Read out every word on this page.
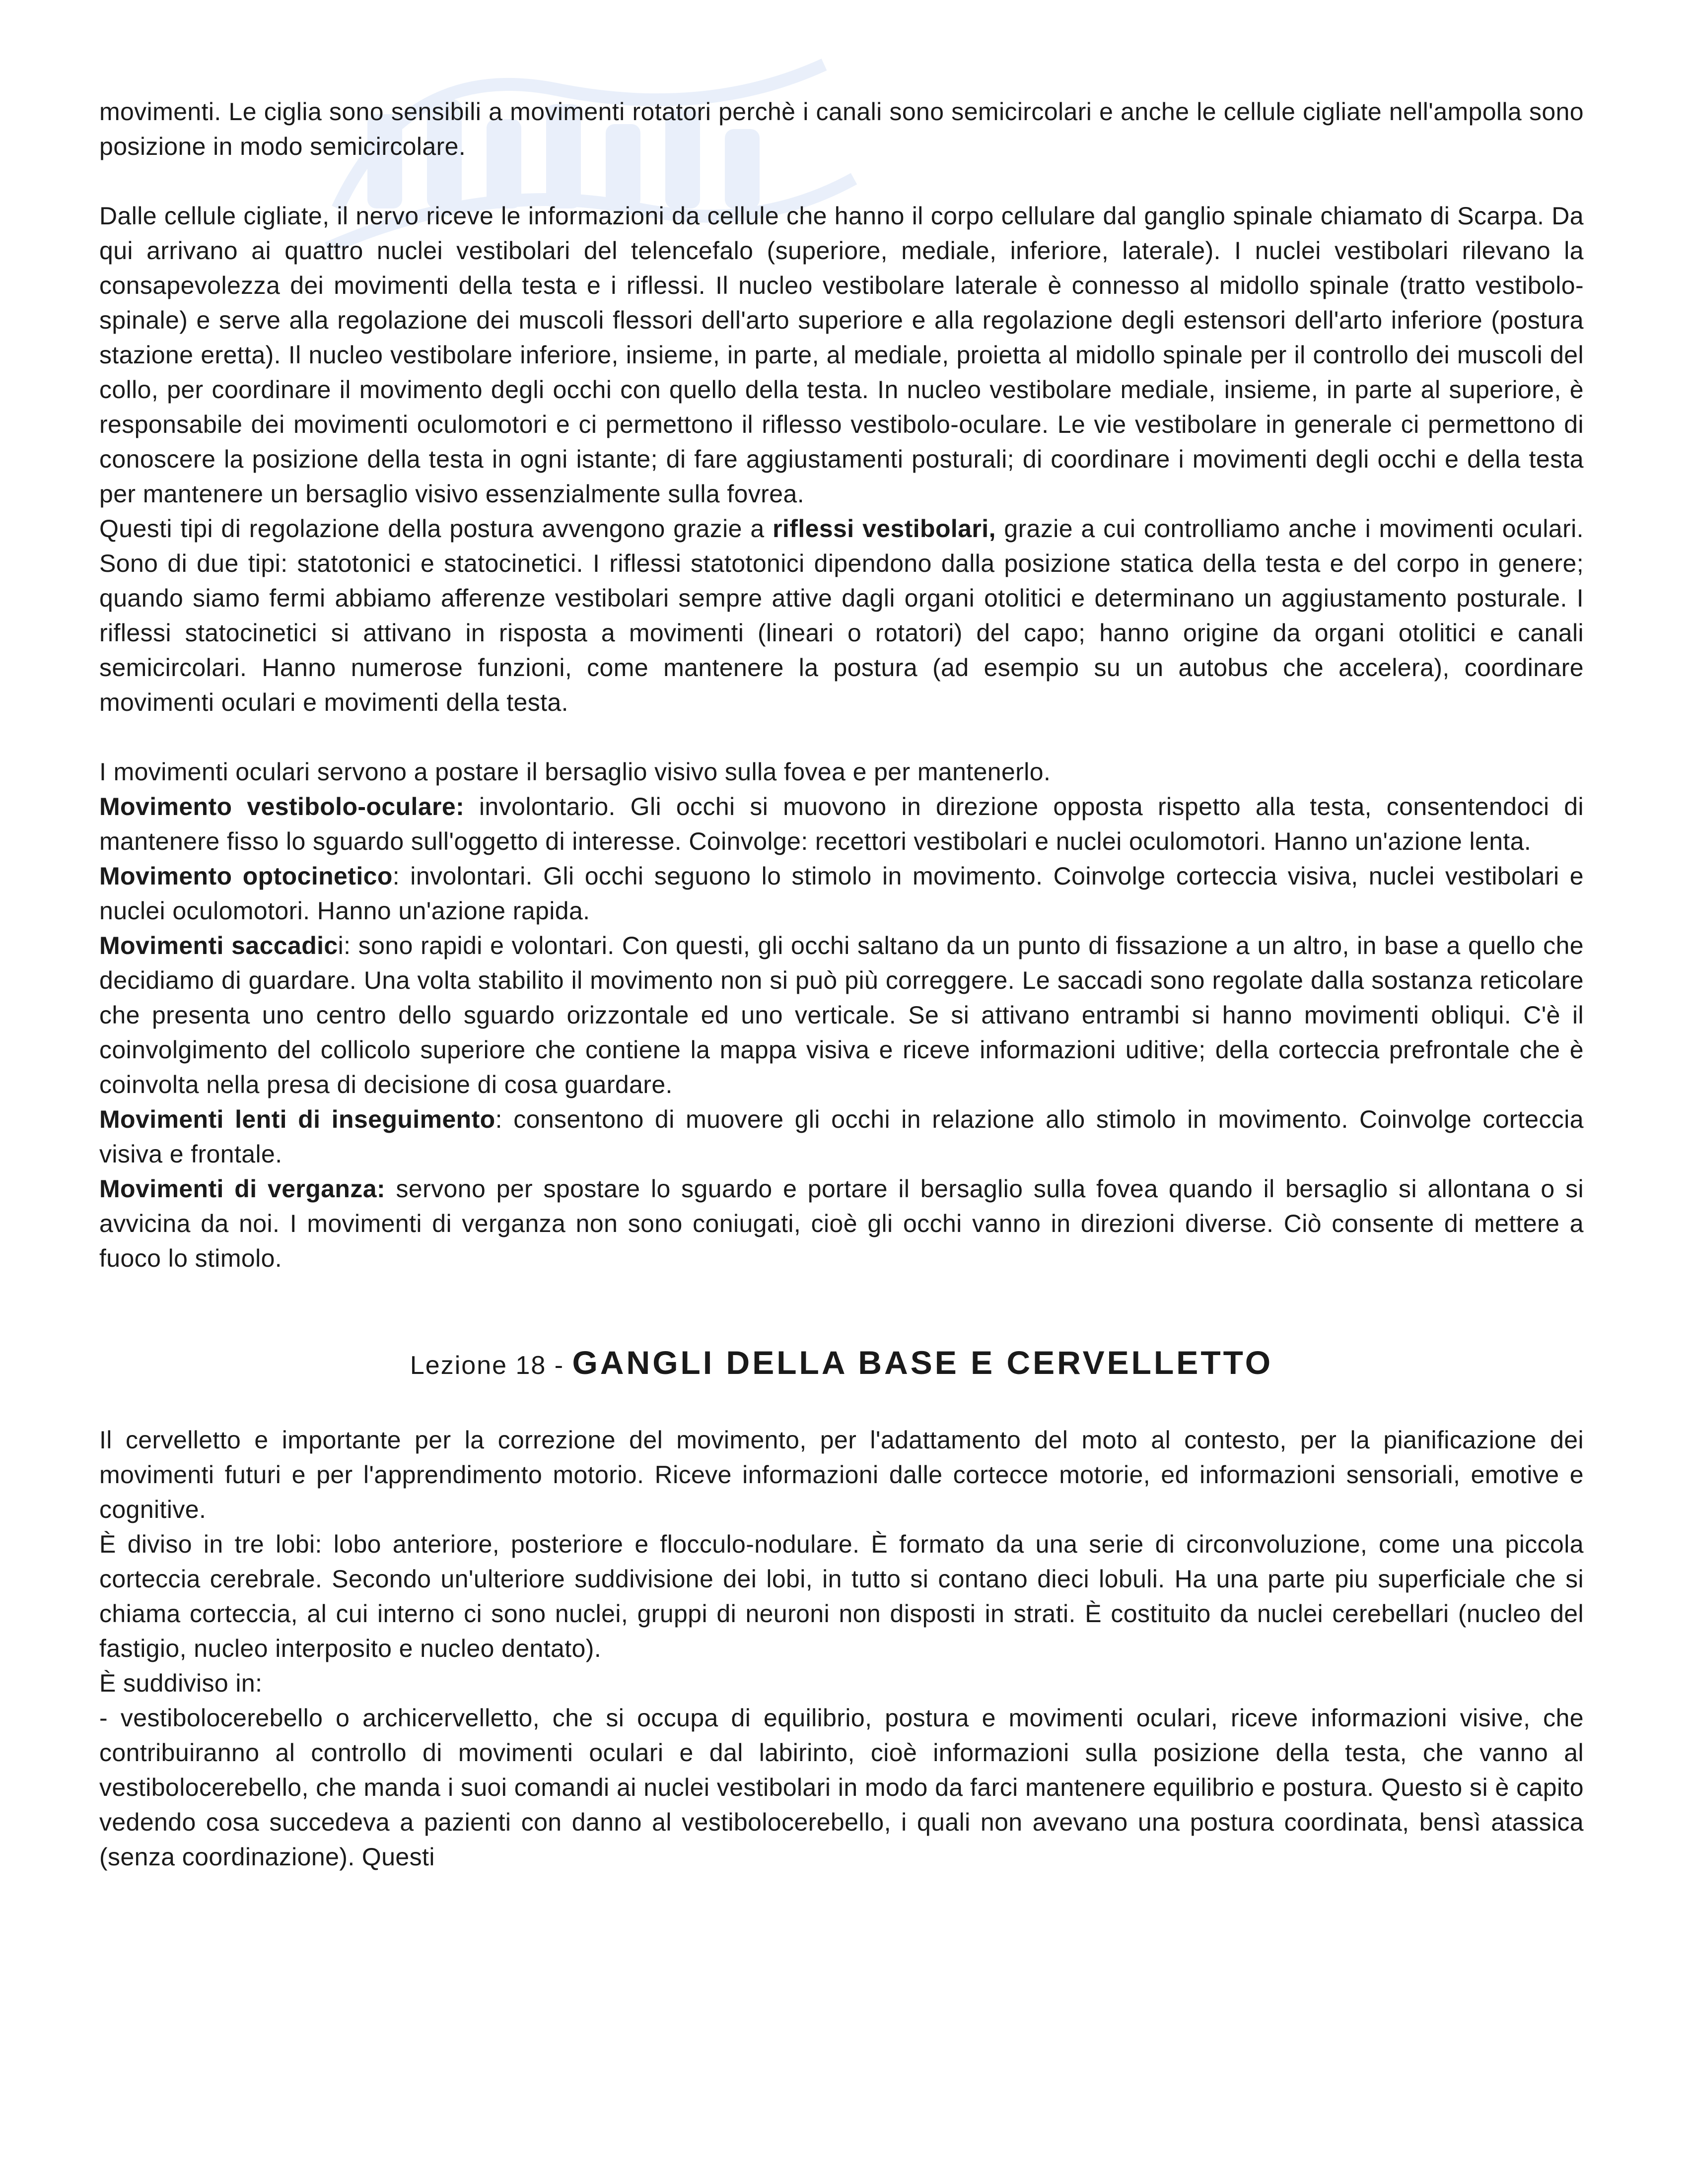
movimenti. Le ciglia sono sensibili a movimenti rotatori perchè i canali sono semicircolari e anche le cellule cigliate nell'ampolla sono posizione in modo semicircolare.

Dalle cellule cigliate, il nervo riceve le informazioni da cellule che hanno il corpo cellulare dal ganglio spinale chiamato di Scarpa. Da qui arrivano ai quattro nuclei vestibolari del telencefalo (superiore, mediale, inferiore, laterale). I nuclei vestibolari rilevano la consapevolezza dei movimenti della testa e i riflessi. Il nucleo vestibolare laterale è connesso al midollo spinale (tratto vestibolo-spinale) e serve alla regolazione dei muscoli flessori dell'arto superiore e alla regolazione degli estensori dell'arto inferiore (postura stazione eretta). Il nucleo vestibolare inferiore, insieme, in parte, al mediale, proietta al midollo spinale per il controllo dei muscoli del collo, per coordinare il movimento degli occhi con quello della testa. In nucleo vestibolare mediale, insieme, in parte al superiore, è responsabile dei movimenti oculomotori e ci permettono il riflesso vestibolo-oculare. Le vie vestibolare in generale ci permettono di conoscere la posizione della testa in ogni istante; di fare aggiustamenti posturali; di coordinare i movimenti degli occhi e della testa per mantenere un bersaglio visivo essenzialmente sulla fovrea.

Questi tipi di regolazione della postura avvengono grazie a riflessi vestibolari, grazie a cui controlliamo anche i movimenti oculari. Sono di due tipi: statotonici e statocinetici. I riflessi statotonici dipendono dalla posizione statica della testa e del corpo in genere; quando siamo fermi abbiamo afferenze vestibolari sempre attive dagli organi otolitici e determinano un aggiustamento posturale. I riflessi statocinetici si attivano in risposta a movimenti (lineari o rotatori) del capo; hanno origine da organi otolitici e canali semicircolari. Hanno numerose funzioni, come mantenere la postura (ad esempio su un autobus che accelera), coordinare movimenti oculari e movimenti della testa.

I movimenti oculari servono a postare il bersaglio visivo sulla fovea e per mantenerlo.

Movimento vestibolo-oculare: involontario. Gli occhi si muovono in direzione opposta rispetto alla testa, consentendoci di mantenere fisso lo sguardo sull'oggetto di interesse. Coinvolge: recettori vestibolari e nuclei oculomotori. Hanno un'azione lenta.

Movimento optocinetico: involontari. Gli occhi seguono lo stimolo in movimento. Coinvolge corteccia visiva, nuclei vestibolari e nuclei oculomotori. Hanno un'azione rapida.

Movimenti saccadici: sono rapidi e volontari. Con questi, gli occhi saltano da un punto di fissazione a un altro, in base a quello che decidiamo di guardare. Una volta stabilito il movimento non si può più correggere. Le saccadi sono regolate dalla sostanza reticolare che presenta uno centro dello sguardo orizzontale ed uno verticale. Se si attivano entrambi si hanno movimenti obliqui. C'è il coinvolgimento del collicolo superiore che contiene la mappa visiva e riceve informazioni uditive; della corteccia prefrontale che è coinvolta nella presa di decisione di cosa guardare.

Movimenti lenti di inseguimento: consentono di muovere gli occhi in relazione allo stimolo in movimento. Coinvolge corteccia visiva e frontale.

Movimenti di verganza: servono per spostare lo sguardo e portare il bersaglio sulla fovea quando il bersaglio si allontana o si avvicina da noi. I movimenti di verganza non sono coniugati, cioè gli occhi vanno in direzioni diverse. Ciò consente di mettere a fuoco lo stimolo.

Lezione 18 - GANGLI DELLA BASE E CERVELLETTO

Il cervelletto e importante per la correzione del movimento, per l'adattamento del moto al contesto, per la pianificazione dei movimenti futuri e per l'apprendimento motorio. Riceve informazioni dalle cortecce motorie, ed informazioni sensoriali, emotive e cognitive.

È diviso in tre lobi: lobo anteriore, posteriore e flocculo-nodulare. È formato da una serie di circonvoluzione, come una piccola corteccia cerebrale. Secondo un'ulteriore suddivisione dei lobi, in tutto si contano dieci lobuli. Ha una parte piu superficiale che si chiama corteccia, al cui interno ci sono nuclei, gruppi di neuroni non disposti in strati. È costituito da nuclei cerebellari (nucleo del fastigio, nucleo interposito e nucleo dentato).

È suddiviso in:

- vestibolocerebello o archicervelletto, che si occupa di equilibrio, postura e movimenti oculari, riceve informazioni visive, che contribuiranno al controllo di movimenti oculari e dal labirinto, cioè informazioni sulla posizione della testa, che vanno al vestibolocerebello, che manda i suoi comandi ai nuclei vestibolari in modo da farci mantenere equilibrio e postura. Questo si è capito vedendo cosa succedeva a pazienti con danno al vestibolocerebello, i quali non avevano una postura coordinata, bensì atassica (senza coordinazione). Questi
